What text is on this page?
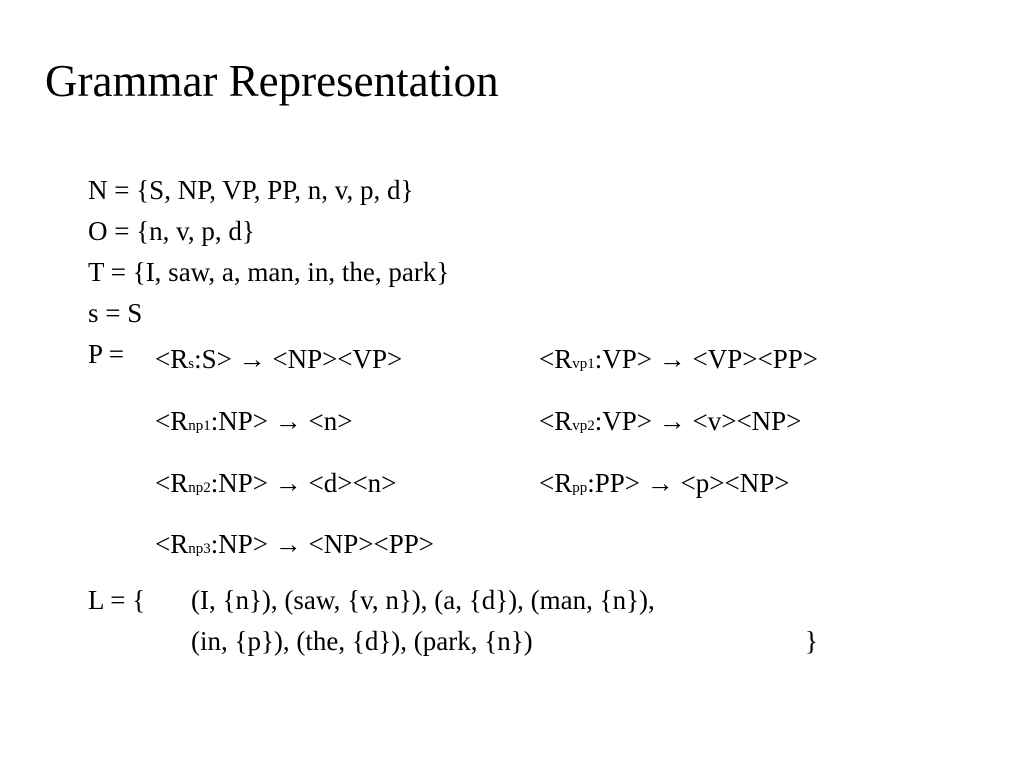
Grammar Representation
N = {S, NP, VP, PP, n, v, p, d}
O = {n, v, p, d}
T = {I, saw, a, man, in, the, park}
s = S
P = <Rs:S> → <NP><VP>
<Rnp1:NP> → <n>
<Rnp2:NP> → <d><n>
<Rnp3:NP> → <NP><PP>
<Rvp1:VP> → <VP><PP>
<Rvp2:VP> → <v><NP>
<Rpp:PP> → <p><NP>
L = { (I, {n}), (saw, {v, n}), (a, {d}), (man, {n}),
(in, {p}), (the, {d}), (park, {n})	}
